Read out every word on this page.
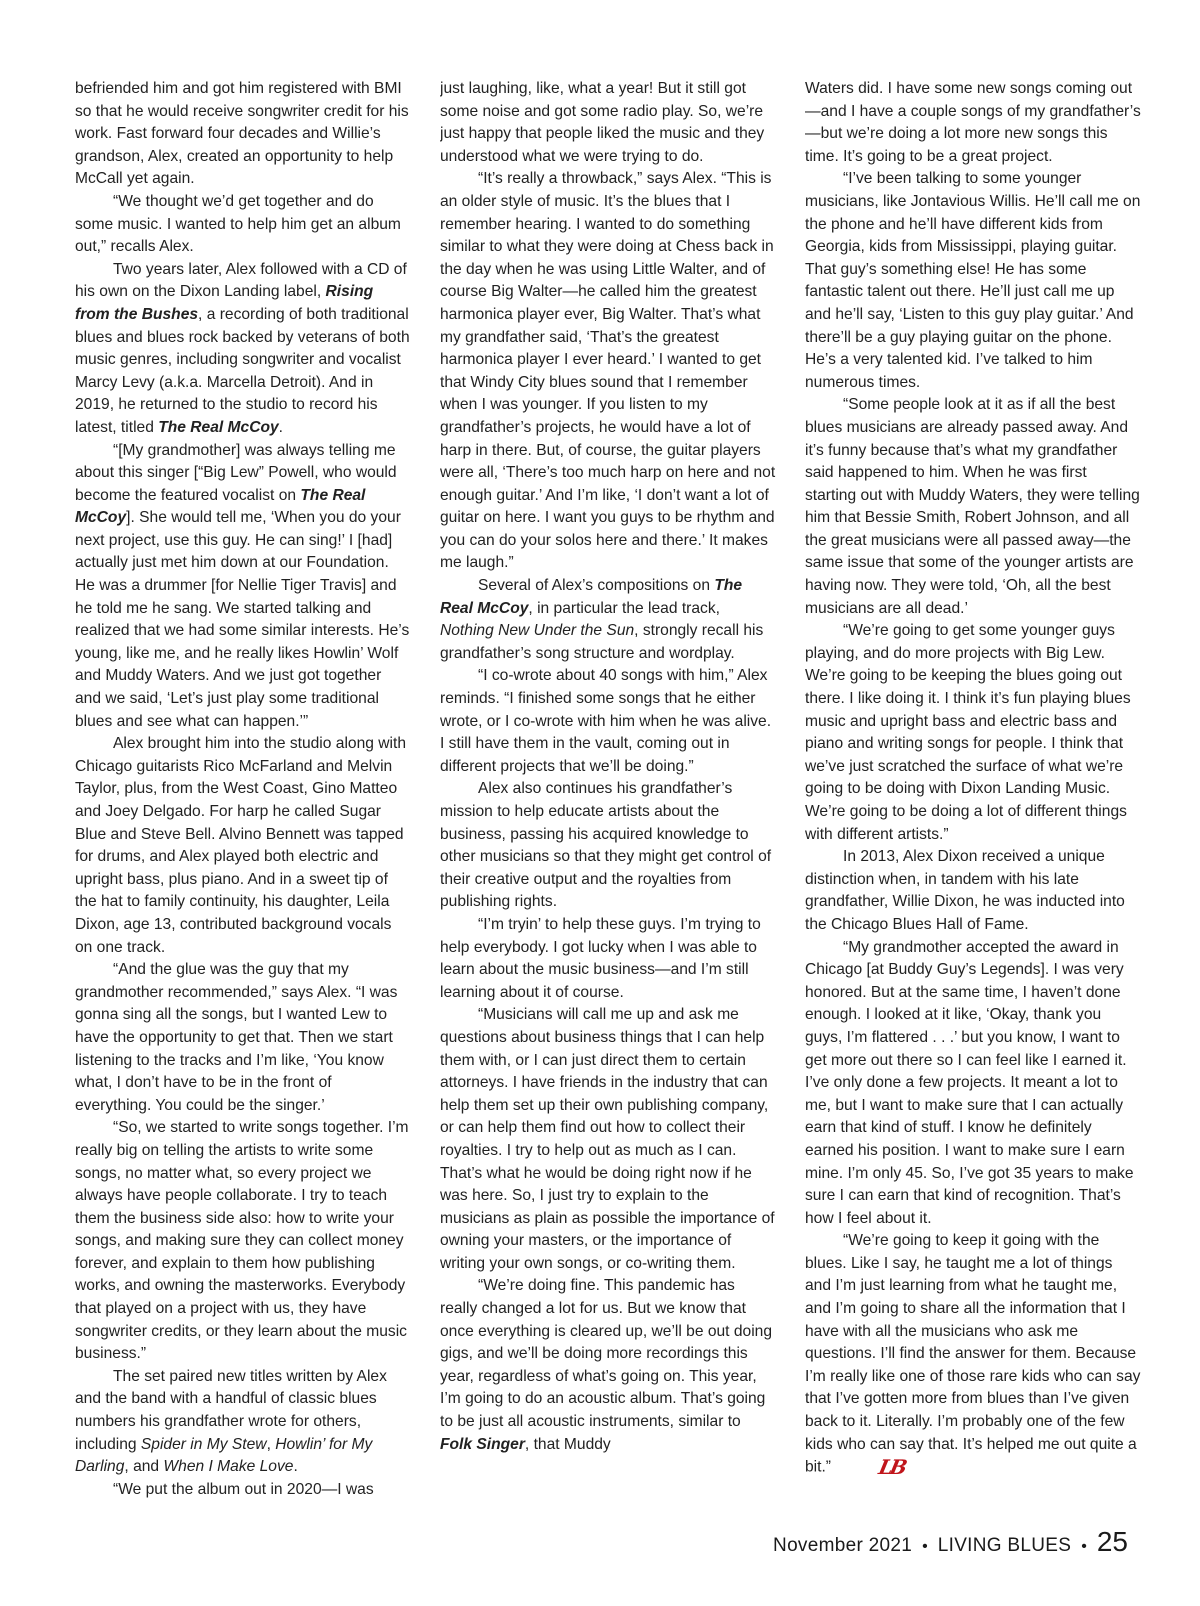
befriended him and got him registered with BMI so that he would receive songwriter credit for his work. Fast forward four decades and Willie’s grandson, Alex, created an opportunity to help McCall yet again.

“We thought we’d get together and do some music. I wanted to help him get an album out,” recalls Alex.

Two years later, Alex followed with a CD of his own on the Dixon Landing label, Rising from the Bushes, a recording of both traditional blues and blues rock backed by veterans of both music genres, including songwriter and vocalist Marcy Levy (a.k.a. Marcella Detroit). And in 2019, he returned to the studio to record his latest, titled The Real McCoy.

“[My grandmother] was always telling me about this singer [“Big Lew” Powell, who would become the featured vocalist on The Real McCoy]. She would tell me, ‘When you do your next project, use this guy. He can sing!’ I [had] actually just met him down at our Foundation. He was a drummer [for Nellie Tiger Travis] and he told me he sang. We started talking and realized that we had some similar interests. He’s young, like me, and he really likes Howlin’ Wolf and Muddy Waters. And we just got together and we said, ‘Let’s just play some traditional blues and see what can happen.’”

Alex brought him into the studio along with Chicago guitarists Rico McFarland and Melvin Taylor, plus, from the West Coast, Gino Matteo and Joey Delgado. For harp he called Sugar Blue and Steve Bell. Alvino Bennett was tapped for drums, and Alex played both electric and upright bass, plus piano. And in a sweet tip of the hat to family continuity, his daughter, Leila Dixon, age 13, contributed background vocals on one track.

“And the glue was the guy that my grandmother recommended,” says Alex. “I was gonna sing all the songs, but I wanted Lew to have the opportunity to get that. Then we start listening to the tracks and I’m like, ‘You know what, I don’t have to be in the front of everything. You could be the singer.’

“So, we started to write songs together. I’m really big on telling the artists to write some songs, no matter what, so every project we always have people collaborate. I try to teach them the business side also: how to write your songs, and making sure they can collect money forever, and explain to them how publishing works, and owning the masterworks. Everybody that played on a project with us, they have songwriter credits, or they learn about the music business.”

The set paired new titles written by Alex and the band with a handful of classic blues numbers his grandfather wrote for others, including Spider in My Stew, Howlin’ for My Darling, and When I Make Love.

“We put the album out in 2020—I was

just laughing, like, what a year! But it still got some noise and got some radio play. So, we’re just happy that people liked the music and they understood what we were trying to do.

“It’s really a throwback,” says Alex. “This is an older style of music. It’s the blues that I remember hearing. I wanted to do something similar to what they were doing at Chess back in the day when he was using Little Walter, and of course Big Walter—he called him the greatest harmonica player ever, Big Walter. That’s what my grandfather said, ‘That’s the greatest harmonica player I ever heard.’ I wanted to get that Windy City blues sound that I remember when I was younger. If you listen to my grandfather’s projects, he would have a lot of harp in there. But, of course, the guitar players were all, ‘There’s too much harp on here and not enough guitar.’ And I’m like, ‘I don’t want a lot of guitar on here. I want you guys to be rhythm and you can do your solos here and there.’ It makes me laugh.”

Several of Alex’s compositions on The Real McCoy, in particular the lead track, Nothing New Under the Sun, strongly recall his grandfather’s song structure and wordplay.

“I co-wrote about 40 songs with him,” Alex reminds. “I finished some songs that he either wrote, or I co-wrote with him when he was alive. I still have them in the vault, coming out in different projects that we’ll be doing.”

Alex also continues his grandfather’s mission to help educate artists about the business, passing his acquired knowledge to other musicians so that they might get control of their creative output and the royalties from publishing rights.

“I’m tryin’ to help these guys. I’m trying to help everybody. I got lucky when I was able to learn about the music business—and I’m still learning about it of course.

“Musicians will call me up and ask me questions about business things that I can help them with, or I can just direct them to certain attorneys. I have friends in the industry that can help them set up their own publishing company, or can help them find out how to collect their royalties. I try to help out as much as I can. That’s what he would be doing right now if he was here. So, I just try to explain to the musicians as plain as possible the importance of owning your masters, or the importance of writing your own songs, or co-writing them.

“We’re doing fine. This pandemic has really changed a lot for us. But we know that once everything is cleared up, we’ll be out doing gigs, and we’ll be doing more recordings this year, regardless of what’s going on. This year, I’m going to do an acoustic album. That’s going to be just all acoustic instruments, similar to Folk Singer, that Muddy

Waters did. I have some new songs coming out—and I have a couple songs of my grandfather’s—but we’re doing a lot more new songs this time. It’s going to be a great project.

“I’ve been talking to some younger musicians, like Jontavious Willis. He’ll call me on the phone and he’ll have different kids from Georgia, kids from Mississippi, playing guitar. That guy’s something else! He has some fantastic talent out there. He’ll just call me up and he’ll say, ‘Listen to this guy play guitar.’ And there’ll be a guy playing guitar on the phone. He’s a very talented kid. I’ve talked to him numerous times.

“Some people look at it as if all the best blues musicians are already passed away. And it’s funny because that’s what my grandfather said happened to him. When he was first starting out with Muddy Waters, they were telling him that Bessie Smith, Robert Johnson, and all the great musicians were all passed away—the same issue that some of the younger artists are having now. They were told, ‘Oh, all the best musicians are all dead.’

“We’re going to get some younger guys playing, and do more projects with Big Lew. We’re going to be keeping the blues going out there. I like doing it. I think it’s fun playing blues music and upright bass and electric bass and piano and writing songs for people. I think that we’ve just scratched the surface of what we’re going to be doing with Dixon Landing Music. We’re going to be doing a lot of different things with different artists.”

In 2013, Alex Dixon received a unique distinction when, in tandem with his late grandfather, Willie Dixon, he was inducted into the Chicago Blues Hall of Fame.

“My grandmother accepted the award in Chicago [at Buddy Guy’s Legends]. I was very honored. But at the same time, I haven’t done enough. I looked at it like, ‘Okay, thank you guys, I’m flattered . . .’ but you know, I want to get more out there so I can feel like I earned it. I’ve only done a few projects. It meant a lot to me, but I want to make sure that I can actually earn that kind of stuff. I know he definitely earned his position. I want to make sure I earn mine. I’m only 45. So, I’ve got 35 years to make sure I can earn that kind of recognition. That’s how I feel about it.

“We’re going to keep it going with the blues. Like I say, he taught me a lot of things and I’m just learning from what he taught me, and I’m going to share all the information that I have with all the musicians who ask me questions. I’ll find the answer for them. Because I’m really like one of those rare kids who can say that I’ve gotten more from blues than I’ve given back to it. Literally. I’m probably one of the few kids who can say that. It’s helped me out quite a bit.” LB

November 2021 • LIVING BLUES • 25
